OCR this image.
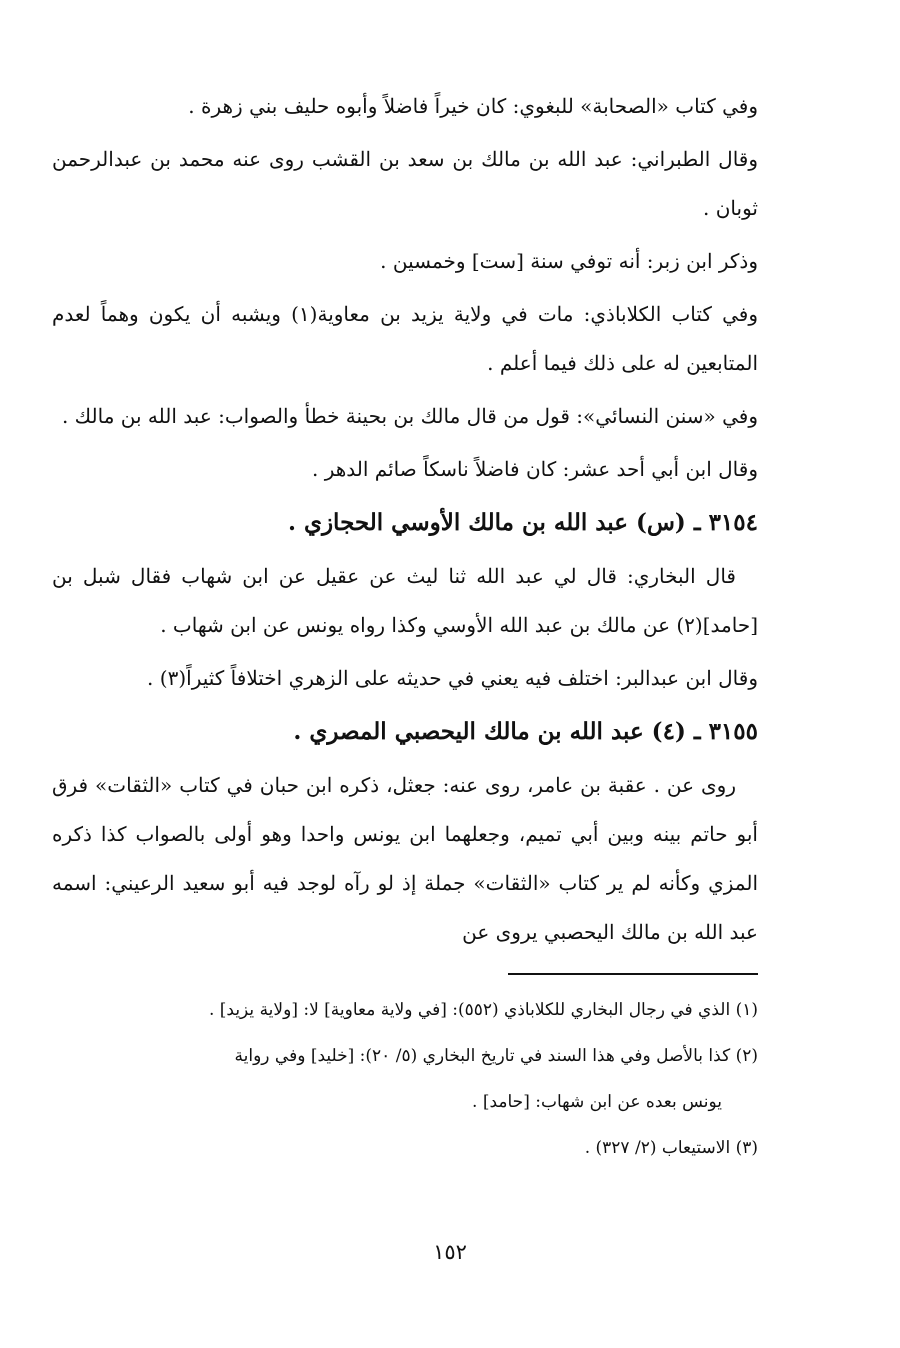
وفي كتاب «الصحابة» للبغوي: كان خيراً فاضلاً وأبوه حليف بني زهرة .

وقال الطبراني: عبد الله بن مالك بن سعد بن القشب روى عنه محمد بن عبدالرحمن ثوبان .

وذكر ابن زبر: أنه توفي سنة [ست] وخمسين .

وفي كتاب الكلاباذي: مات في ولاية يزيد بن معاوية(١) ويشبه أن يكون وهماً لعدم المتابعين له على ذلك فيما أعلم .

وفي «سنن النسائي»: قول من قال مالك بن بحينة خطأ والصواب: عبد الله بن مالك .

وقال ابن أبي أحد عشر: كان فاضلاً ناسكاً صائم الدهر .

٣١٥٤ ـ (س) عبد الله بن مالك الأوسي الحجازي .

قال البخاري: قال لي عبد الله ثنا ليث عن عقيل عن ابن شهاب فقال شبل بن [حامد](٢) عن مالك بن عبد الله الأوسي وكذا رواه يونس عن ابن شهاب .

وقال ابن عبدالبر: اختلف فيه يعني في حديثه على الزهري اختلافاً كثيراً(٣) .

٣١٥٥ ـ (٤) عبد الله بن مالك اليحصبي المصري .

روى عن . عقبة بن عامر، روى عنه: جعثل، ذكره ابن حبان في كتاب «الثقات» فرق أبو حاتم بينه وبين أبي تميم، وجعلهما ابن يونس واحدا وهو أولى بالصواب كذا ذكره المزي وكأنه لم ير كتاب «الثقات» جملة إذ لو رآه لوجد فيه أبو سعيد الرعيني: اسمه عبد الله بن مالك اليحصبي يروى عن

(١) الذي في رجال البخاري للكلاباذي (٥٥٢): [في ولاية معاوية] لا: [ولاية يزيد] .

(٢) كذا بالأصل وفي هذا السند في تاريخ البخاري (٥/ ٢٠): [خليد] وفي رواية

يونس بعده عن ابن شهاب: [حامد] .

(٣) الاستيعاب (٢/ ٣٢٧) .

١٥٢
